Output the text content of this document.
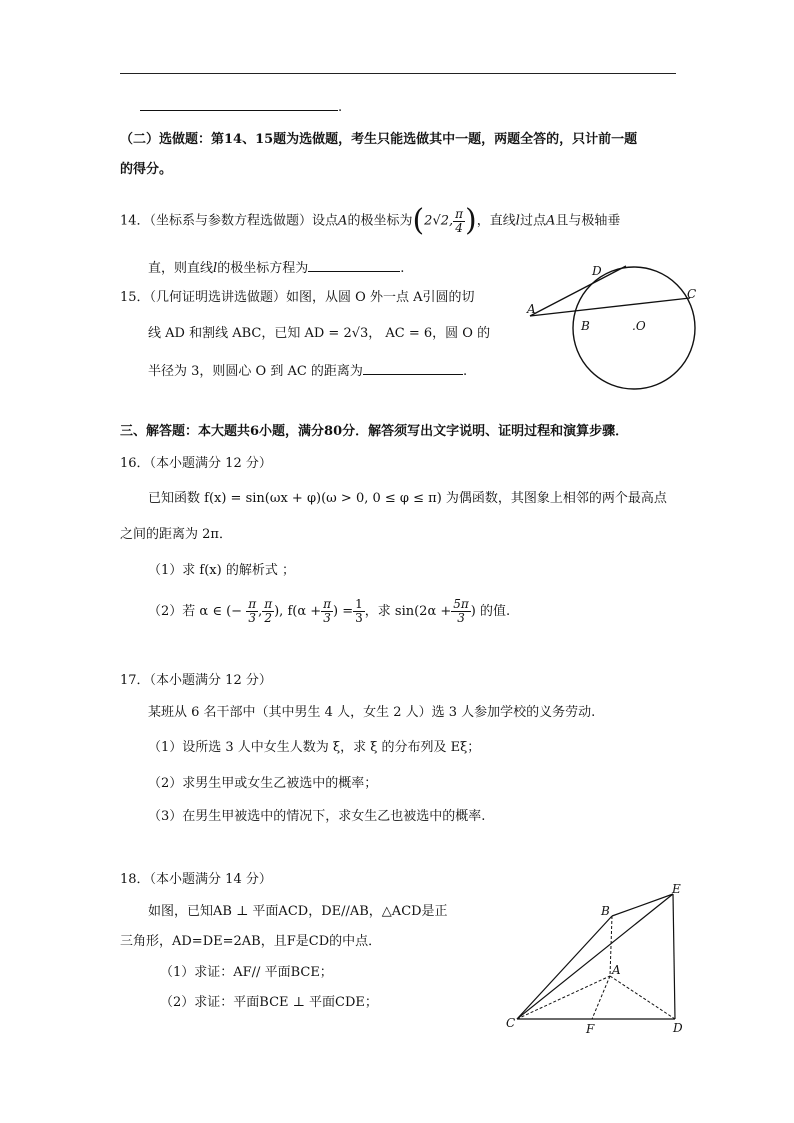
.
（二）选做题：第14、15题为选做题，考生只能选做其中一题，两题全答的，只计前一题
的得分。
14．（坐标系与参数方程选做题）设点A的极坐标为(2√2, $\frac{\pi}{4}$ )，直线l过点A且与极轴垂
直，则直线l的极坐标方程为	.
15．（几何证明选讲选做题）如图，从圆 O 外一点 A引圆的切
线 AD 和割线 ABC，已知 AD = 2√3， AC = 6，圆 O 的
半径为 3，则圆心 O 到 AC 的距离为	.
D
A
B
C
.O
三、解答题：本大题共6小题，满分80分．解答须写出文字说明、证明过程和演算步骤．
16．（本小题满分 12 分）
已知函数 f(x) = sin(ωx + φ)(ω > 0, 0 ≤ φ ≤ π) 为偶函数，其图象上相邻的两个最高点
之间的距离为 2π．
（1）求 f(x) 的解析式 ；
（2）若 α ∈ (− $\frac{\pi}{3}$ , $\frac{\pi}{2}$ ), $f(\alpha + \frac{\pi}{3}$ ) = $\frac{1}{3}$ ，求 $\sin(2\alpha + \frac{5\pi}{3}$ ) 的值.
17．（本小题满分 12 分）
某班从 6 名干部中（其中男生 4 人，女生 2 人）选 3 人参加学校的义务劳动.
（1）设所选 3 人中女生人数为 ξ，求 ξ 的分布列及 Eξ；
（2）求男生甲或女生乙被选中的概率；
（3）在男生甲被选中的情况下，求女生乙也被选中的概率.
18．（本小题满分 14 分）
如图，已知AB ⊥ 平面ACD，DE//AB，△ACD是正
三角形，AD=DE=2AB，且F是CD的中点．
（1）求证：AF// 平面BCE；
（2）求证：平面BCE ⊥ 平面CDE；
E
B
A
C	F	D
